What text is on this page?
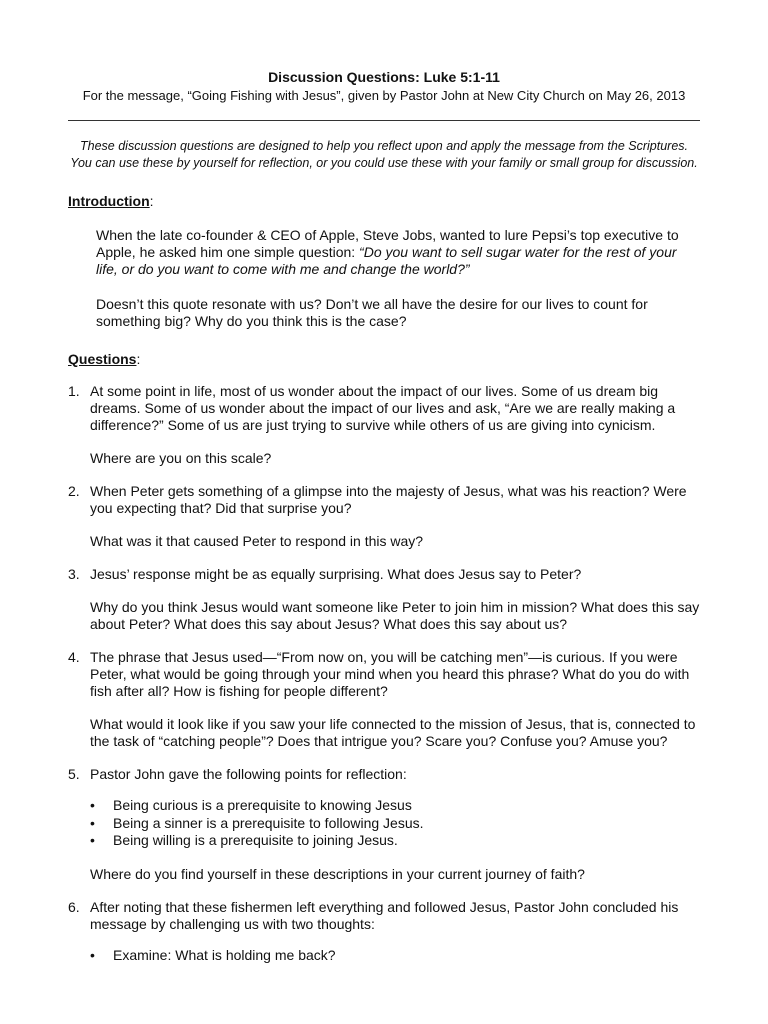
Discussion Questions: Luke 5:1-11

For the message, “Going Fishing with Jesus”, given by Pastor John at New City Church on May 26, 2013

These discussion questions are designed to help you reflect upon and apply the message from the Scriptures.
You can use these by yourself for reflection, or you could use these with your family or small group for discussion.
Introduction:

When the late co-founder & CEO of Apple, Steve Jobs, wanted to lure Pepsi’s top executive to Apple, he asked him one simple question: “Do you want to sell sugar water for the rest of your life, or do you want to come with me and change the world?”

Doesn’t this quote resonate with us? Don’t we all have the desire for our lives to count for something big? Why do you think this is the case?

Questions:
1. At some point in life, most of us wonder about the impact of our lives. Some of us dream big dreams. Some of us wonder about the impact of our lives and ask, “Are we are really making a difference?” Some of us are just trying to survive while others of us are giving into cynicism.

Where are you on this scale?

2. When Peter gets something of a glimpse into the majesty of Jesus, what was his reaction? Were you expecting that? Did that surprise you?

What was it that caused Peter to respond in this way?

3. Jesus’ response might be as equally surprising. What does Jesus say to Peter?

Why do you think Jesus would want someone like Peter to join him in mission? What does this say about Peter? What does this say about Jesus? What does this say about us?

4. The phrase that Jesus used—“From now on, you will be catching men”—is curious. If you were Peter, what would be going through your mind when you heard this phrase? What do you do with fish after all? How is fishing for people different?

What would it look like if you saw your life connected to the mission of Jesus, that is, connected to the task of “catching people”? Does that intrigue you? Scare you? Confuse you? Amuse you?

5. Pastor John gave the following points for reflection:

• Being curious is a prerequisite to knowing Jesus
• Being a sinner is a prerequisite to following Jesus.
• Being willing is a prerequisite to joining Jesus.

Where do you find yourself in these descriptions in your current journey of faith?

6. After noting that these fishermen left everything and followed Jesus, Pastor John concluded his message by challenging us with two thoughts:

• Examine: What is holding me back?
